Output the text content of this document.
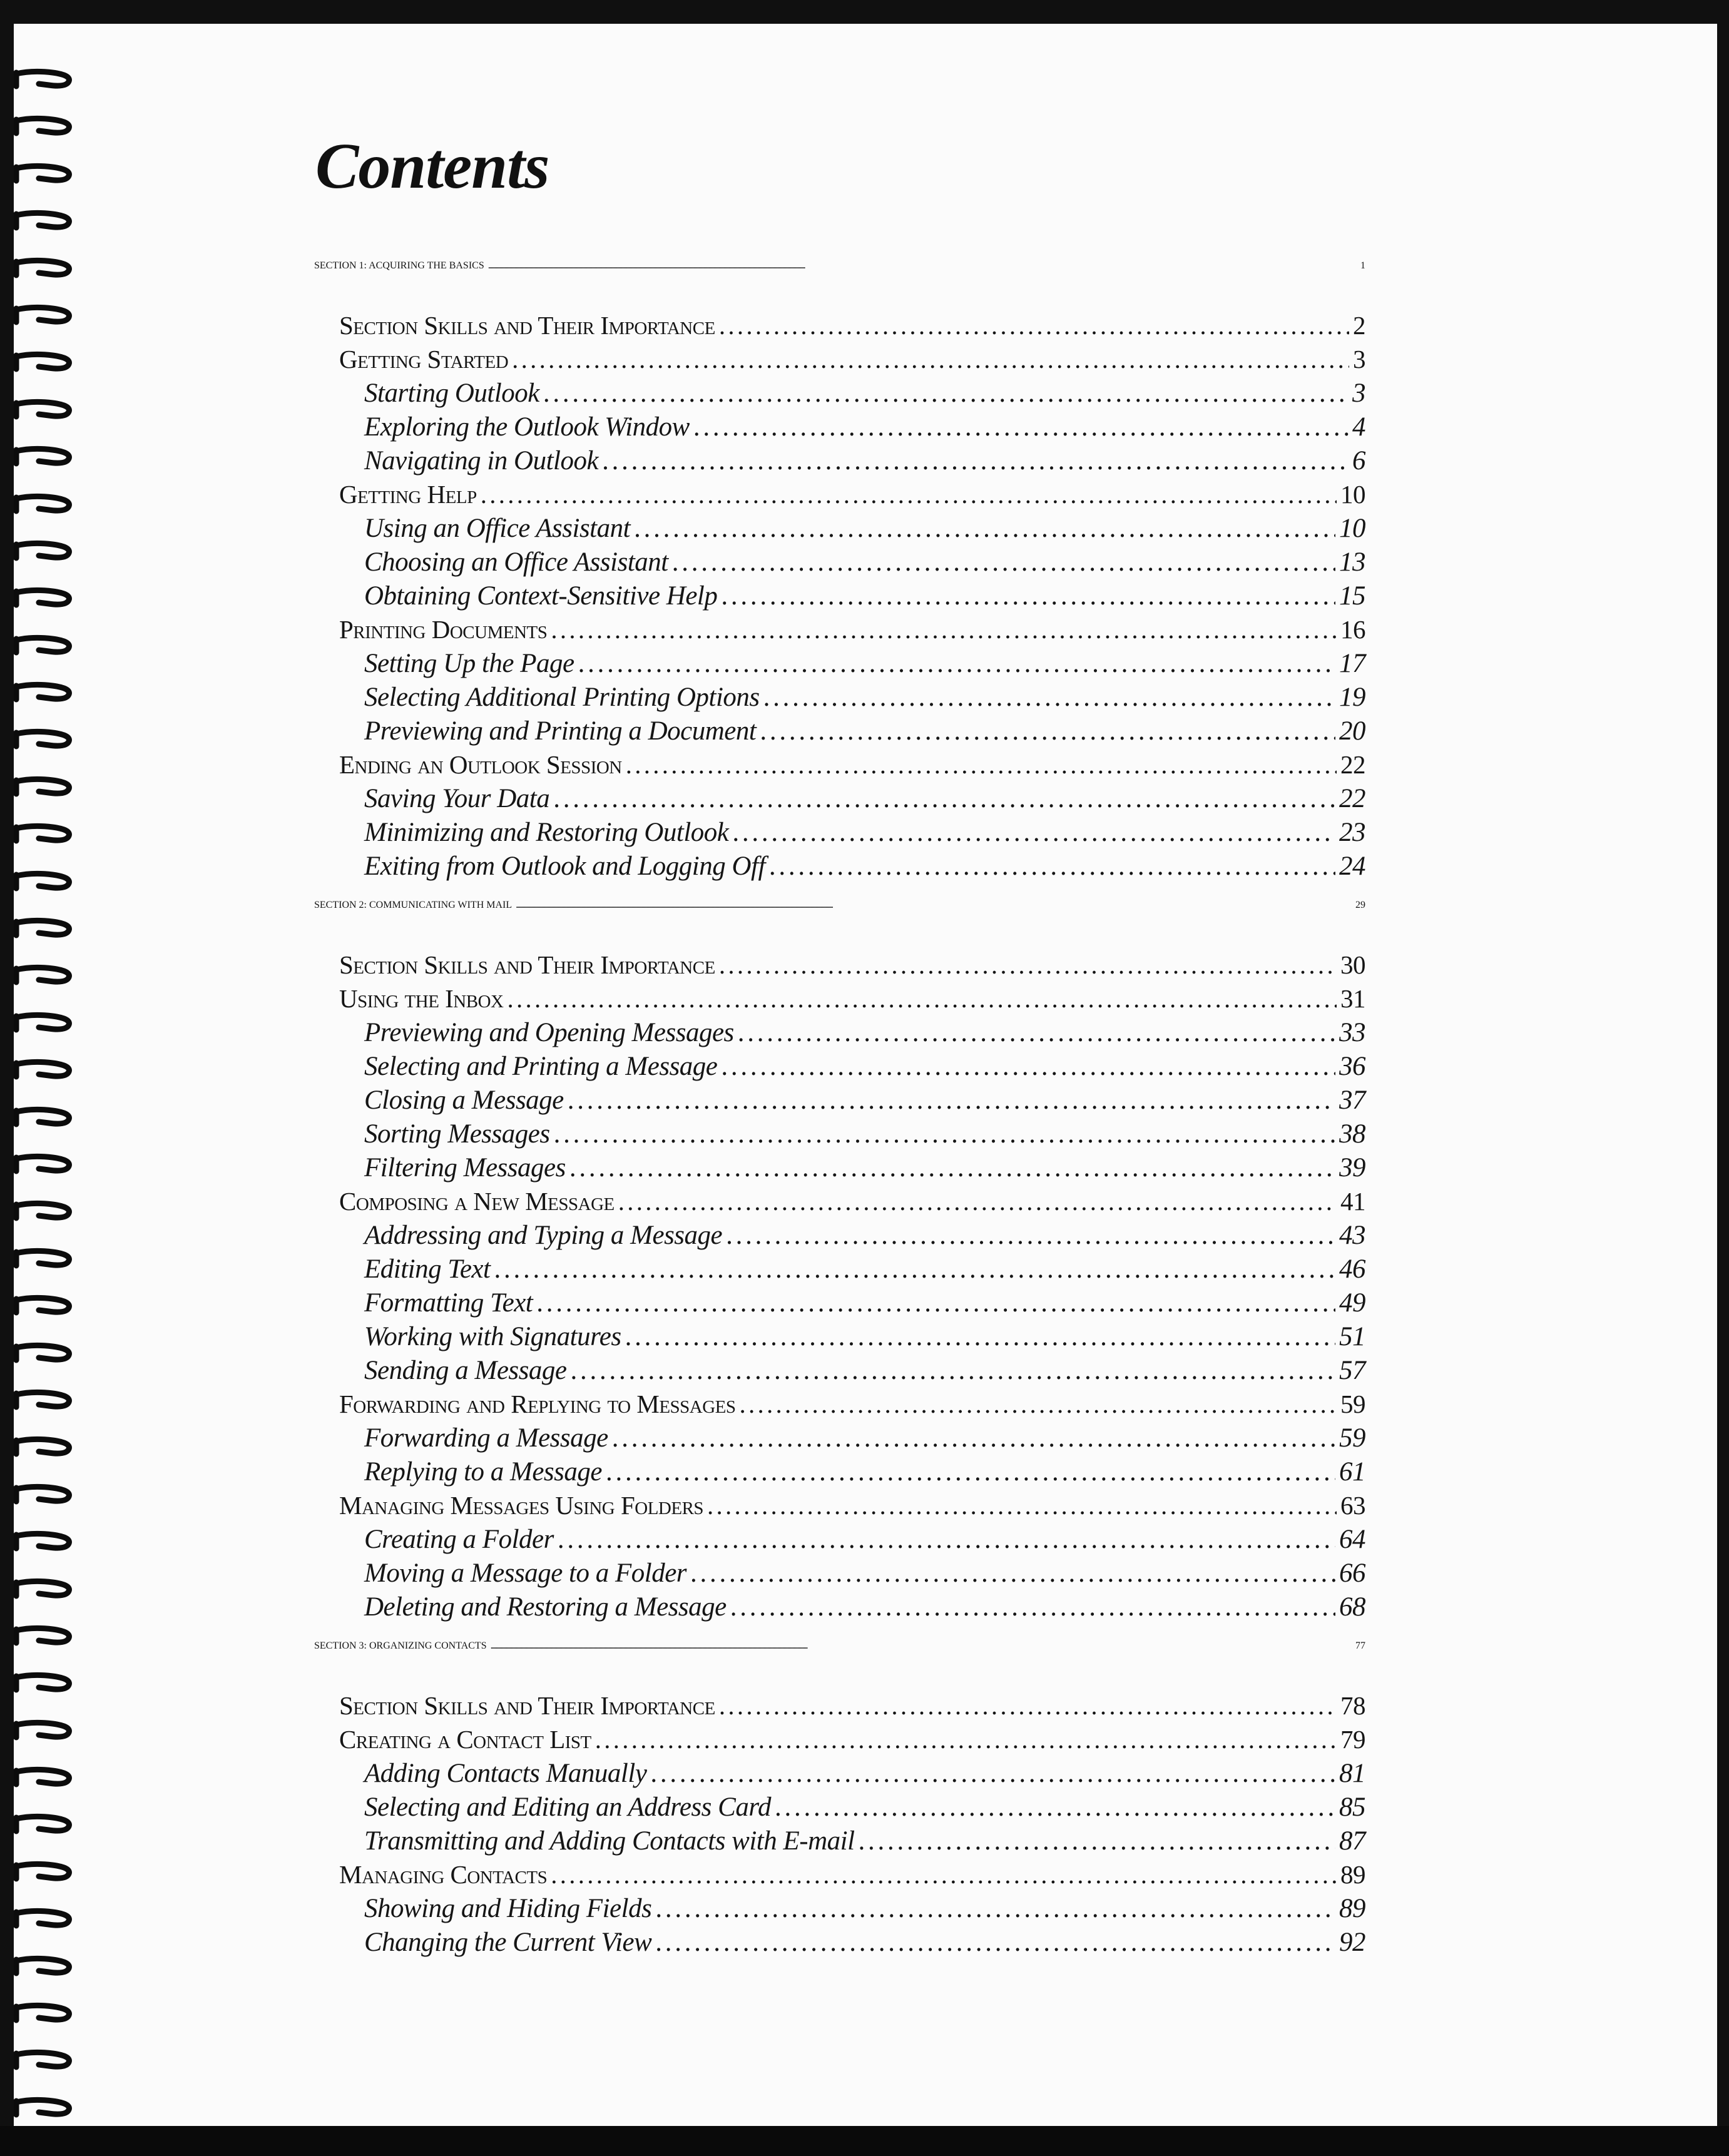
Contents
SECTION 1: ACQUIRING THE BASICS . . .	1
Section Skills and Their Importance . . .	2
Getting Started . . .	3
Starting Outlook . . .	3
Exploring the Outlook Window . . .	4
Navigating in Outlook . . .	6
Getting Help . . .	10
Using an Office Assistant . . .	10
Choosing an Office Assistant . . .	13
Obtaining Context-Sensitive Help . . .	15
Printing Documents . . .	16
Setting Up the Page . . .	17
Selecting Additional Printing Options . . .	19
Previewing and Printing a Document . . .	20
Ending an Outlook Session . . .	22
Saving Your Data . . .	22
Minimizing and Restoring Outlook . . .	23
Exiting from Outlook and Logging Off . . .	24
SECTION 2: COMMUNICATING WITH MAIL . . .	29
Section Skills and Their Importance . . .	30
Using the Inbox . . .	31
Previewing and Opening Messages . . .	33
Selecting and Printing a Message . . .	36
Closing a Message . . .	37
Sorting Messages . . .	38
Filtering Messages . . .	39
Composing a New Message . . .	41
Addressing and Typing a Message . . .	43
Editing Text . . .	46
Formatting Text . . .	49
Working with Signatures . . .	51
Sending a Message . . .	57
Forwarding and Replying to Messages . . .	59
Forwarding a Message . . .	59
Replying to a Message . . .	61
Managing Messages Using Folders . . .	63
Creating a Folder . . .	64
Moving a Message to a Folder . . .	66
Deleting and Restoring a Message . . .	68
SECTION 3: ORGANIZING CONTACTS . . .	77
Section Skills and Their Importance . . .	78
Creating a Contact List . . .	79
Adding Contacts Manually . . .	81
Selecting and Editing an Address Card . . .	85
Transmitting and Adding Contacts with E-mail . . .	87
Managing Contacts . . .	89
Showing and Hiding Fields . . .	89
Changing the Current View . . .	92
